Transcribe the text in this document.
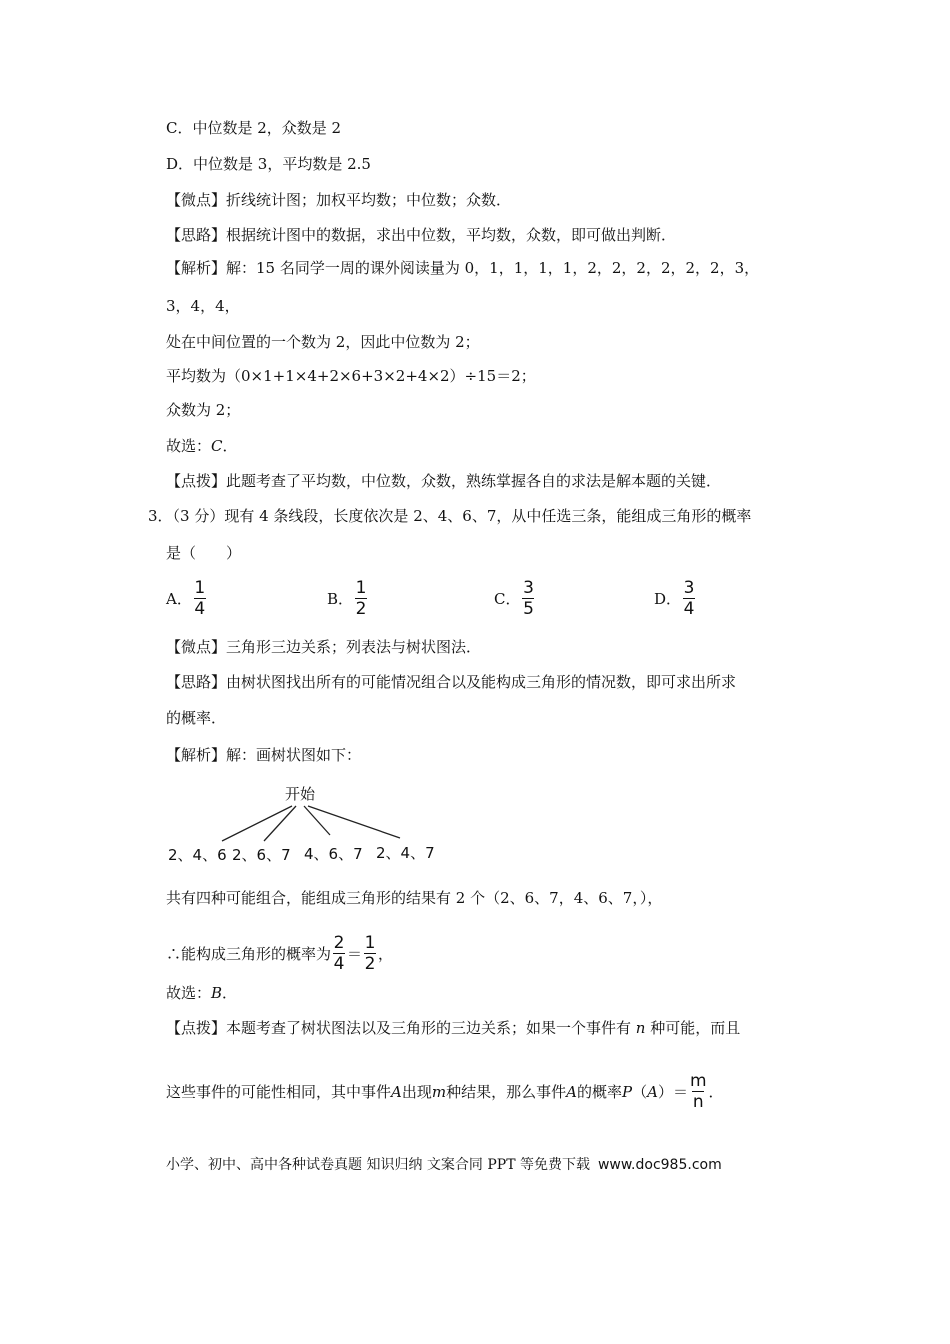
C．中位数是 2，众数是 2
D．中位数是 3，平均数是 2.5
【微点】折线统计图；加权平均数；中位数；众数．
【思路】根据统计图中的数据，求出中位数，平均数，众数，即可做出判断．
【解析】解：15 名同学一周的课外阅读量为 0，1，1，1，1，2，2，2，2，2，2，3，
3，4，4，
处在中间位置的一个数为 2，因此中位数为 2；
平均数为（0×1+1×4+2×6+3×2+4×2）÷15＝2；
众数为 2；
故选：C．
【点拨】此题考查了平均数，中位数，众数，熟练掌握各自的求法是解本题的关键．
3．（3 分）现有 4 条线段，长度依次是 2、4、6、7，从中任选三条，能组成三角形的概率
是（　　）
A． $\frac{1}{4}$	B． $\frac{1}{2}$	C． $\frac{3}{5}$	D． $\frac{3}{4}$
【微点】三角形三边关系；列表法与树状图法．
【思路】由树状图找出所有的可能情况组合以及能构成三角形的情况数，即可求出所求
的概率．
【解析】解：画树状图如下：
开始
2、4、6 2、6、7 4、6、7 2、4、7
共有四种可能组合，能组成三角形的结果有 2 个（2、6、7，4、6、7，），
∴能构成三角形的概率为 $\frac{2}{4} = \frac{1}{2}$ ，
故选：B．
【点拨】本题考查了树状图法以及三角形的三边关系；如果一个事件有 n 种可能，而且
这些事件的可能性相同，其中事件 A 出现 m 种结果，那么事件 A 的概率 P （ A ）＝ $\frac{m}{n}$ ．
小学、初中、高中各种试卷真题 知识归纳 文案合同 PPT 等免费下载 www.doc985.com
